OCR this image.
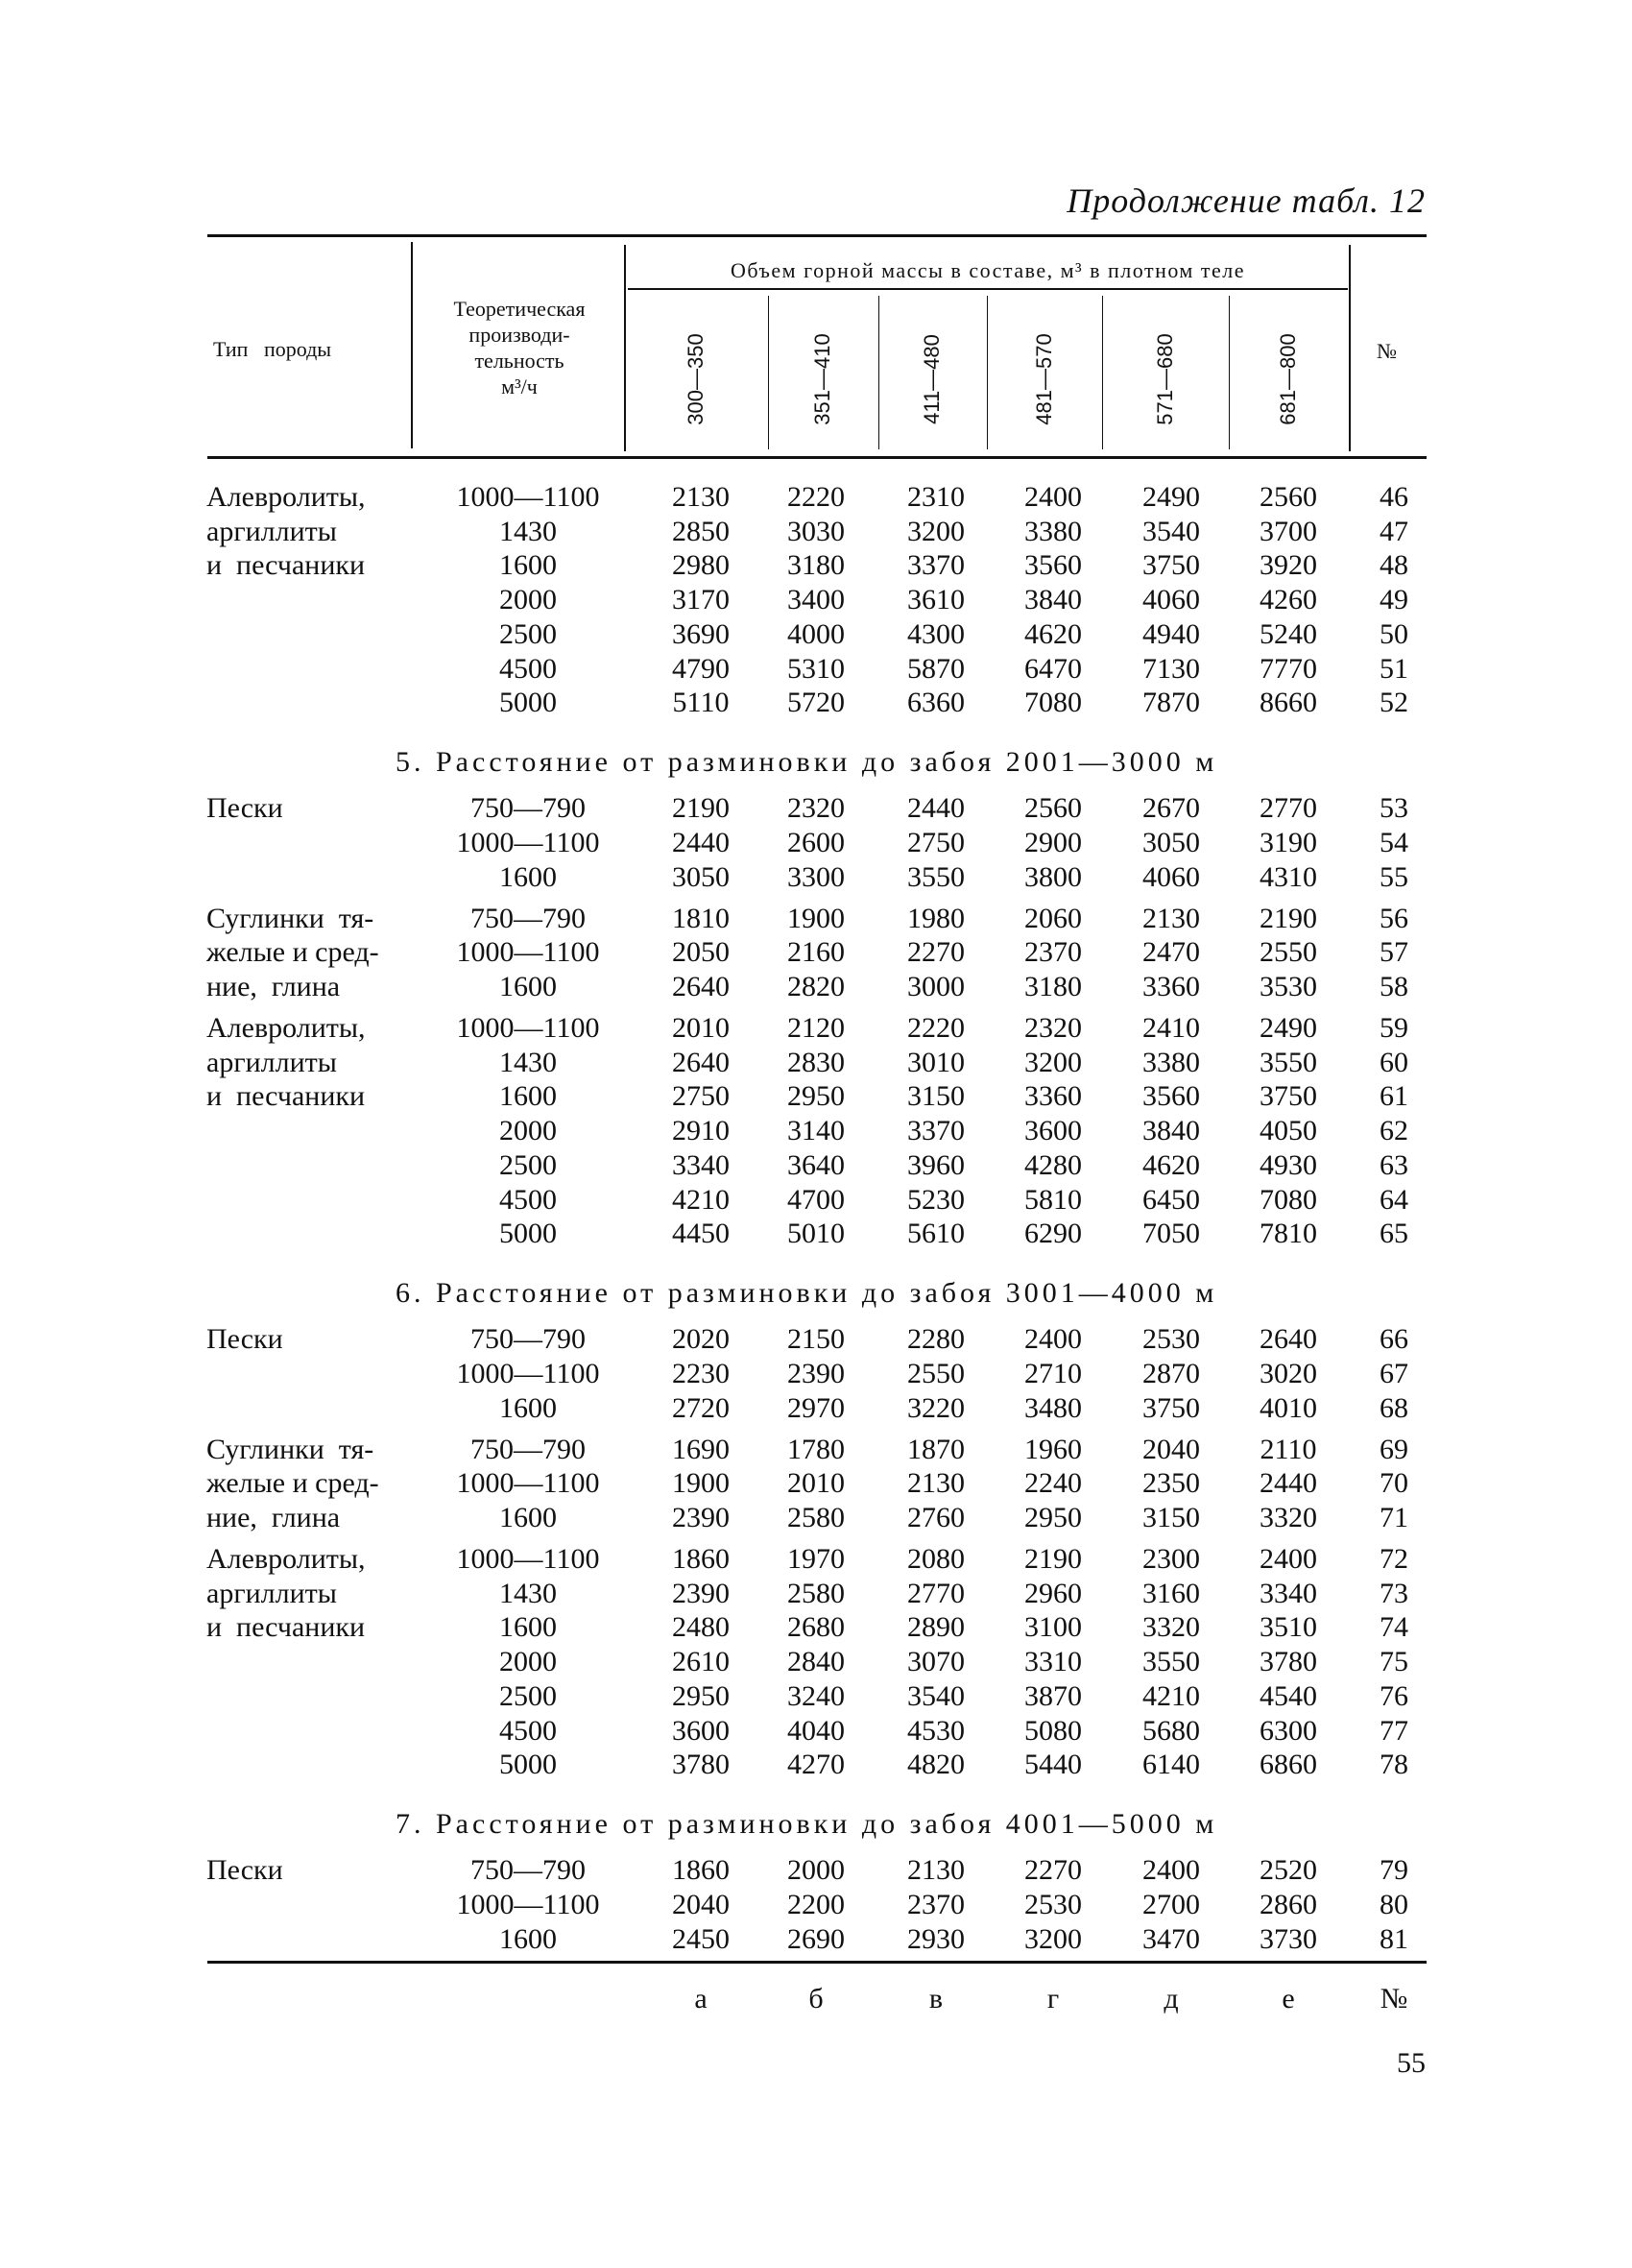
Продолжение табл. 12
Тип   породы
Теоретическая
производи-
тельность
м³/ч
Объем горной массы в составе, м³ в плотном теле
300—350	351—410	411—480	481—570	571—680	681—800	№
Алевролиты,
аргиллиты
и  песчаники
1000—1100	2130 2220 2310 2400 2490 2560 46
1430	2850 3030 3200 3380 3540 3700 47
1600	2980 3180 3370 3560 3750 3920 48
2000	3170 3400 3610 3840 4060 4260 49
2500	3690 4000 4300 4620 4940 5240 50
4500	4790 5310 5870 6470 7130 7770 51
5000	5110 5720 6360 7080 7870 8660 52
5. Расстояние от разминовки до забоя 2001—3000 м
Пески	750—790	2190 2320 2440 2560 2670 2770 53
1000—1100	2440 2600 2750 2900 3050 3190 54
1600	3050 3300 3550 3800 4060 4310 55
Суглинки  тя-
желые и сред-
ние,  глина
750—790	1810 1900 1980 2060 2130 2190 56
1000—1100	2050 2160 2270 2370 2470 2550 57
1600	2640 2820 3000 3180 3360 3530 58
Алевролиты,
аргиллиты
и  песчаники
1000—1100	2010 2120 2220 2320 2410 2490 59
1430	2640 2830 3010 3200 3380 3550 60
1600	2750 2950 3150 3360 3560 3750 61
2000	2910 3140 3370 3600 3840 4050 62
2500	3340 3640 3960 4280 4620 4930 63
4500	4210 4700 5230 5810 6450 7080 64
5000	4450 5010 5610 6290 7050 7810 65
6. Расстояние от разминовки до забоя 3001—4000 м
Пески	750—790	2020 2150 2280 2400 2530 2640 66
1000—1100	2230 2390 2550 2710 2870 3020 67
1600	2720 2970 3220 3480 3750 4010 68
Суглинки  тя-
желые и сред-
ние,  глина
750—790	1690 1780 1870 1960 2040 2110 69
1000—1100	1900 2010 2130 2240 2350 2440 70
1600	2390 2580 2760 2950 3150 3320 71
Алевролиты,
аргиллиты
и  песчаники
1000—1100	1860 1970 2080 2190 2300 2400 72
1430	2390 2580 2770 2960 3160 3340 73
1600	2480 2680 2890 3100 3320 3510 74
2000	2610 2840 3070 3310 3550 3780 75
2500	2950 3240 3540 3870 4210 4540 76
4500	3600 4040 4530 5080 5680 6300 77
5000	3780 4270 4820 5440 6140 6860 78
7. Расстояние от разминовки до забоя 4001—5000 м
Пески	750—790	1860 2000 2130 2270 2400 2520 79
1000—1100	2040 2200 2370 2530 2700 2860 80
1600	2450 2690 2930 3200 3470 3730 81
а	б	в	г	д	е	№
55
